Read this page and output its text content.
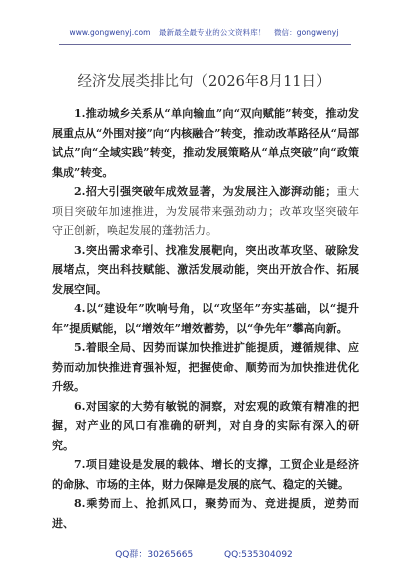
www.gongwenyj.com 最新最全最专业的公文资料库！ 微信：gongwenyj
经济发展类排比句（2026年8月11日）

1.推动城乡关系从“单向输血”向“双向赋能”转变，推动发展重点从“外围对接”向“内核融合”转变，推动改革路径从“局部试点”向“全域实践”转变，推动发展策略从“单点突破”向“政策集成”转变。

2.招大引强突破年成效显著，为发展注入澎湃动能；重大项目突破年加速推进，为发展带来强劲动力；改革攻坚突破年守正创新，唤起发展的蓬勃活力。

3.突出需求牵引、找准发展靶向，突出改革攻坚、破除发展堵点，突出科技赋能、激活发展动能，突出开放合作、拓展发展空间。

4.以“建设年”吹响号角，以“攻坚年”夯实基础，以“提升年”提质赋能，以“增效年”增效蓄势，以“争先年”攀高向新。

5.着眼全局、因势而谋加快推进扩能提质，遵循规律、应势而动加快推进育强补短，把握使命、顺势而为加快推进优化升级。

6.对国家的大势有敏锐的洞察，对宏观的政策有精准的把握，对产业的风口有准确的研判，对自身的实际有深入的研究。

7.项目建设是发展的载体、增长的支撑，工贸企业是经济的命脉、市场的主体，财力保障是发展的底气、稳定的关键。

8.乘势而上、抢抓风口，聚势而为、竞进提质，逆势而进、

QQ群：30265665	QQ:535304092
